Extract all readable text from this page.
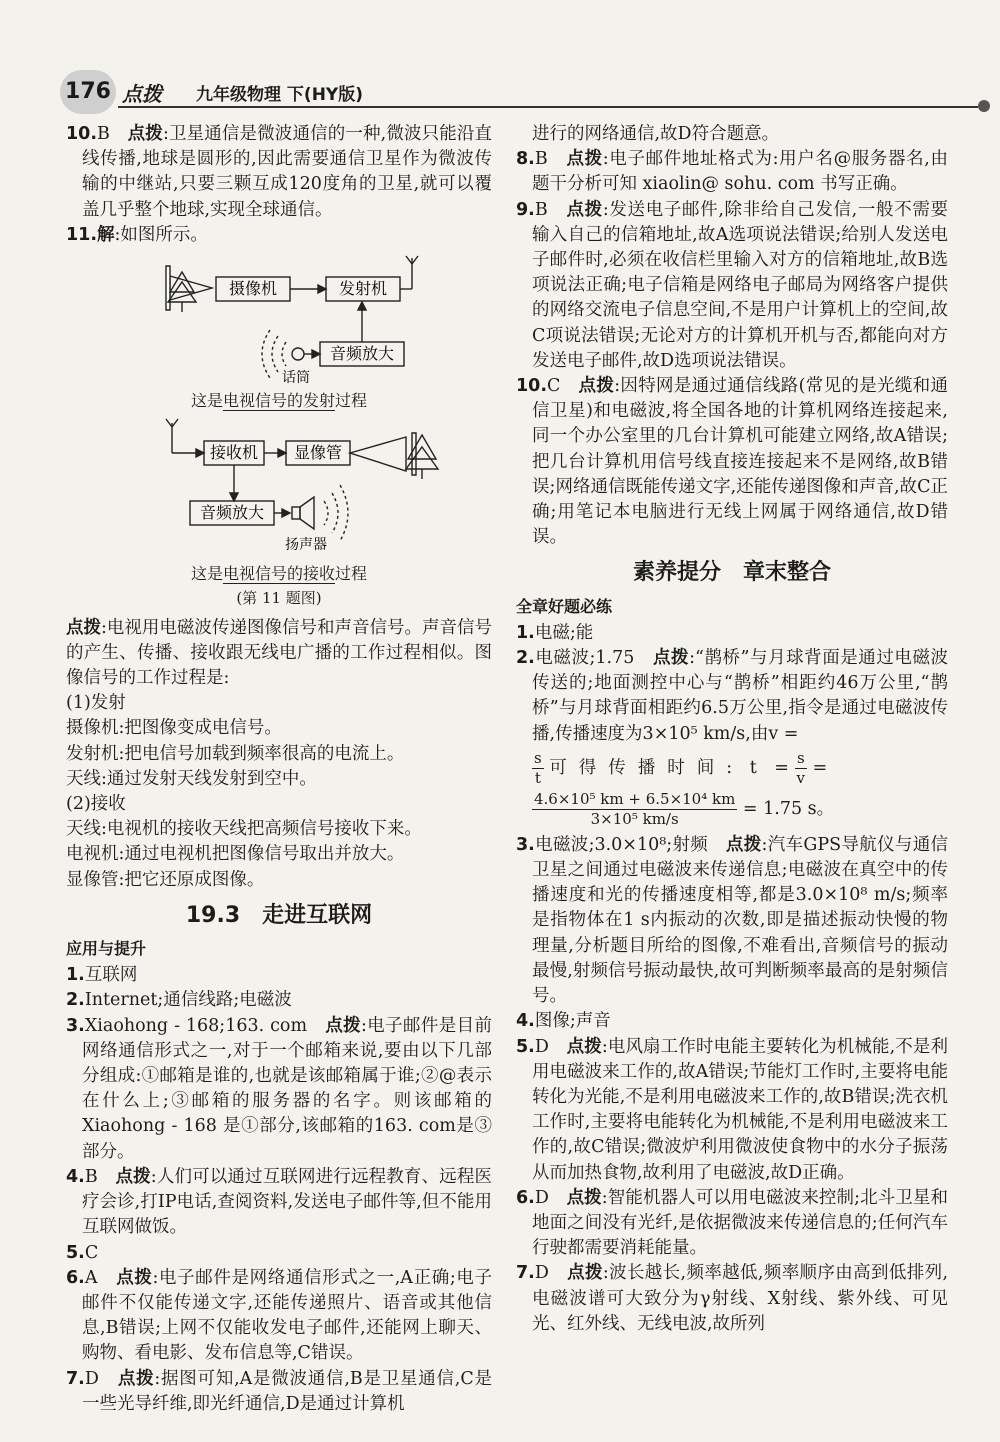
176 点拨 九年级物理 下(HY版)
10.B　 点拨:卫星通信是微波通信的一种,微波只能沿直线传播,地球是圆形的,因此需要通信卫星作为微波传输的中继站,只要三颗互成120度角的卫星,就可以覆盖几乎整个地球,实现全球通信。
11.解:如图所示。
摄像机	发射机
音频放大
话筒
这是电视信号的发射过程
接收机 显像管
音频放大
扬声器
这是电视信号的接收过程
(第 11 题图)
点拨:电视用电磁波传递图像信号和声音信号。声音信号的产生、传播、接收跟无线电广播的工作过程相似。图像信号的工作过程是:
(1)发射
摄像机:把图像变成电信号。
发射机:把电信号加载到频率很高的电流上。
天线:通过发射天线发射到空中。
(2)接收
天线:电视机的接收天线把高频信号接收下来。
电视机:通过电视机把图像信号取出并放大。
显像管:把它还原成图像。
19.3　走进互联网
应用与提升
1.互联网
2.Internet;通信线路;电磁波
3.Xiaohong - 168;163. com　点拨:电子邮件是目前网络通信形式之一,对于一个邮箱来说,要由以下几部分组成:①邮箱是谁的,也就是该邮箱属于谁;②@表示在什么上;③邮箱的服务器的名字。则该邮箱的 Xiaohong - 168 是①部分,该邮箱的163. com是③部分。
4.B　点拨:人们可以通过互联网进行远程教育、远程医疗会诊,打IP电话,查阅资料,发送电子邮件等,但不能用互联网做饭。
5.C
6.A　点拨:电子邮件是网络通信形式之一,A正确;电子邮件不仅能传递文字,还能传递照片、语音或其他信息,B错误;上网不仅能收发电子邮件,还能网上聊天、购物、看电影、发布信息等,C错误。
7.D　点拨:据图可知,A是微波通信,B是卫星通信,C是一些光导纤维,即光纤通信,D是通过计算机
进行的网络通信,故D符合题意。
8.B　点拨:电子邮件地址格式为:用户名@服务器名,由题干分析可知 xiaolin@ sohu. com 书写正确。
9.B　点拨:发送电子邮件,除非给自己发信,一般不需要输入自己的信箱地址,故A选项说法错误;给别人发送电子邮件时,必须在收信栏里输入对方的信箱地址,故B选项说法正确;电子信箱是网络电子邮局为网络客户提供的网络交流电子信息空间,不是用户计算机上的空间,故C项说法错误;无论对方的计算机开机与否,都能向对方发送电子邮件,故D选项说法错误。
10.C　点拨:因特网是通过通信线路(常见的是光缆和通信卫星)和电磁波,将全国各地的计算机网络连接起来,同一个办公室里的几台计算机可能建立网络,故A错误;把几台计算机用信号线直接连接起来不是网络,故B错误;网络通信既能传递文字,还能传递图像和声音,故C正确;用笔记本电脑进行无线上网属于网络通信,故D错误。
素养提分　章末整合
全章好题必练
1.电磁;能
2.电磁波;1.75　点拨:“鹊桥”与月球背面是通过电磁波传送的;地面测控中心与“鹊桥”相距约46万公里,“鹊桥”与月球背面相距约6.5万公里,指令是通过电磁波传播,传播速度为3×10⁵ km/s,由v =
$\frac{s}{t}$ 可得传播时间: t　= $\frac{s}{v}$ =
$\frac{\text{4.6×10⁵ km + 6.5×10⁴ km}}{\text{3×10⁵ km/s}} = 1.75$ s。
3.电磁波;3.0×10⁸;射频　点拨:汽车GPS导航仪与通信卫星之间通过电磁波来传递信息;电磁波在真空中的传播速度和光的传播速度相等,都是3.0×10⁸ m/s;频率是指物体在1 s内振动的次数,即是描述振动快慢的物理量,分析题目所给的图像,不难看出,音频信号的振动最慢,射频信号振动最快,故可判断频率最高的是射频信号。
4.图像;声音
5.D　点拨:电风扇工作时电能主要转化为机械能,不是利用电磁波来工作的,故A错误;节能灯工作时,主要将电能转化为光能,不是利用电磁波来工作的,故B错误;洗衣机工作时,主要将电能转化为机械能,不是利用电磁波来工作的,故C错误;微波炉利用微波使食物中的水分子振荡从而加热食物,故利用了电磁波,故D正确。
6.D　点拨:智能机器人可以用电磁波来控制;北斗卫星和地面之间没有光纤,是依据微波来传递信息的;任何汽车行驶都需要消耗能量。
7.D　点拨:波长越长,频率越低,频率顺序由高到低排列,电磁波谱可大致分为γ射线、X射线、紫外线、可见光、红外线、无线电波,故所列
